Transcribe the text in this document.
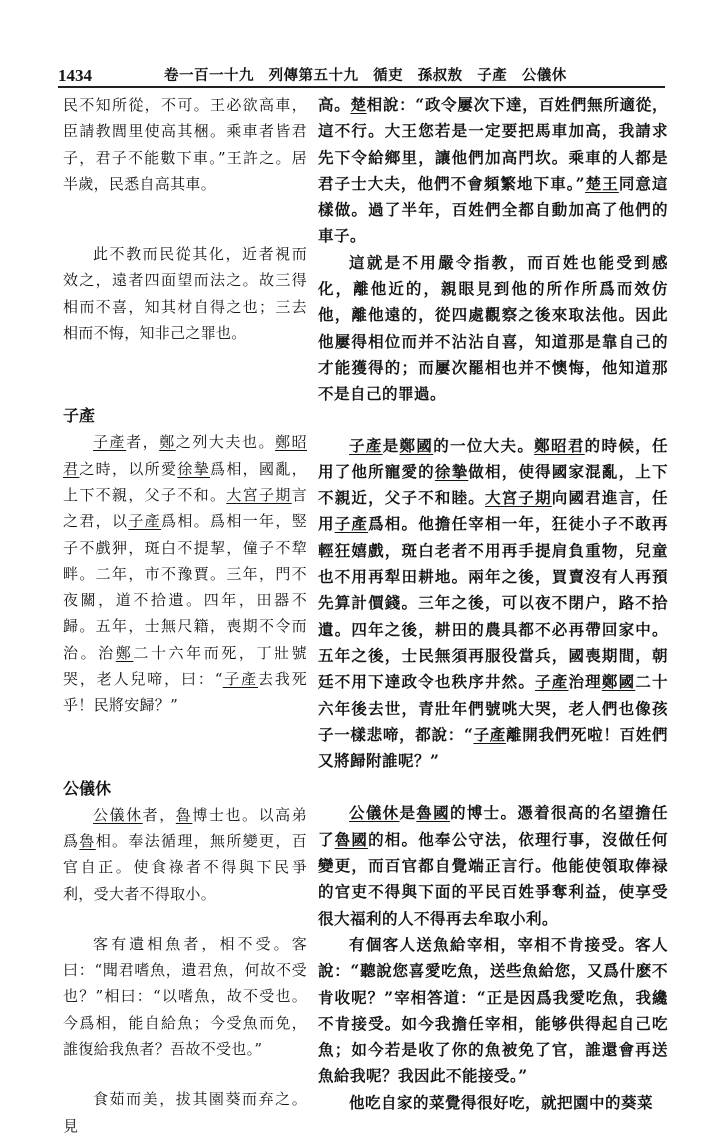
1434	卷一百一十九 列傳第五十九 循吏 孫叔敖 子產 公儀休

民不知所從，不可。王必欲高車，臣請教閭里使高其梱。乘車者皆君子，君子不能數下車。”王許之。居半歲，民悉自高其車。

此不教而民從其化，近者視而效之，遠者四面望而法之。故三得相而不喜，知其材自得之也；三去相而不悔，知非己之罪也。

子產

子產者，鄭之列大夫也。鄭昭君之時，以所愛徐摯爲相，國亂，上下不親，父子不和。大宮子期言之君，以子產爲相。爲相一年，竪子不戲狎，斑白不提挈，僮子不犂畔。二年，市不豫賈。三年，門不夜關，道不拾遺。四年，田器不歸。五年，士無尺籍，喪期不令而治。治鄭二十六年而死，丁壯號哭，老人兒啼，曰：“子產去我死乎！民將安歸？”

公儀休

公儀休者，魯博士也。以高弟爲魯相。奉法循理，無所變更，百官自正。使食祿者不得與下民爭利，受大者不得取小。

客有遺相魚者，相不受。客曰：“聞君嗜魚，遺君魚，何故不受也？”相曰：“以嗜魚，故不受也。今爲相，能自給魚；今受魚而免，誰復給我魚者？吾故不受也。”

食茹而美，拔其園葵而弃之。見

高。楚相說：“政令屢次下達，百姓們無所適從，這不行。大王您若是一定要把馬車加高，我請求先下令給鄉里，讓他們加高門坎。乘車的人都是君子士大夫，他們不會頻繁地下車。”楚王同意這樣做。過了半年，百姓們全都自動加高了他們的車子。

這就是不用嚴令指教，而百姓也能受到感化，離他近的，親眼見到他的所作所爲而效仿他，離他遠的，從四處觀察之後來取法他。因此他屢得相位而并不沾沾自喜，知道那是靠自己的才能獲得的；而屢次罷相也并不懊悔，他知道那不是自己的罪過。

子產是鄭國的一位大夫。鄭昭君的時候，任用了他所寵愛的徐摯做相，使得國家混亂，上下不親近，父子不和睦。大宮子期向國君進言，任用子產爲相。他擔任宰相一年，狂徒小子不敢再輕狂嬉戲，斑白老者不用再手提肩負重物，兒童也不用再犁田耕地。兩年之後，買賣沒有人再預先算計價錢。三年之後，可以夜不閉户，路不拾遺。四年之後，耕田的農具都不必再帶回家中。五年之後，士民無須再服役當兵，國喪期間，朝廷不用下達政令也秩序井然。子產治理鄭國二十六年後去世，青壯年們號咷大哭，老人們也像孩子一樣悲啼，都說：“子產離開我們死啦！百姓們又將歸附誰呢？”

公儀休是魯國的博士。憑着很高的名望擔任了魯國的相。他奉公守法，依理行事，沒做任何變更，而百官都自覺端正言行。他能使領取俸禄的官吏不得與下面的平民百姓爭奪利益，使享受很大福利的人不得再去牟取小利。

有個客人送魚給宰相，宰相不肯接受。客人說：“聽說您喜愛吃魚，送些魚給您，又爲什麽不肯收呢？”宰相答道：“正是因爲我愛吃魚，我纔不肯接受。如今我擔任宰相，能够供得起自己吃魚；如今若是收了你的魚被免了官，誰還會再送魚給我呢？我因此不能接受。”

他吃自家的菜覺得很好吃，就把園中的葵菜
